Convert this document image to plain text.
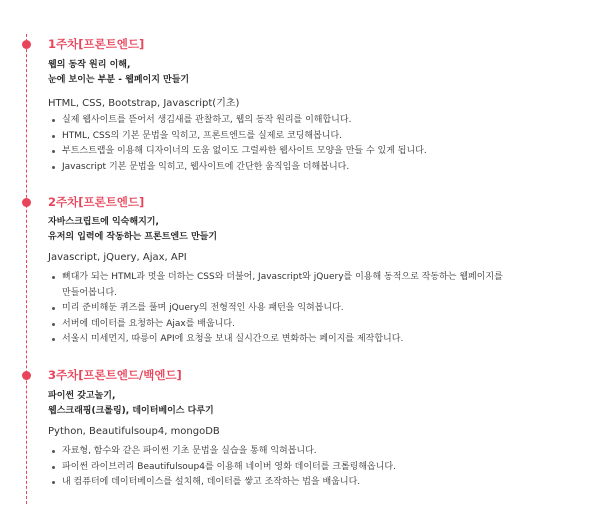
1주차[프론트엔드]
웹의 동작 원리 이해,
눈에 보이는 부분 - 웹페이지 만들기
HTML, CSS, Bootstrap, Javascript(기초)
실제 웹사이트를 뜯어서 생김새를 관찰하고, 웹의 동작 원리를 이해합니다.
HTML, CSS의 기본 문법을 익히고, 프론트엔드를 실제로 코딩해봅니다.
부트스트랩을 이용해 디자이너의 도움 없이도 그럴싸한 웹사이트 모양을 만들 수 있게 됩니다.
Javascript 기본 문법을 익히고, 웹사이트에 간단한 움직임을 더해봅니다.
2주차[프론트엔드]
자바스크립트에 익숙해지기,
유저의 입력에 작동하는 프론트엔드 만들기
Javascript, jQuery, Ajax, API
뼈대가 되는 HTML과 멋을 더하는 CSS와 더불어, Javascript와 jQuery를 이용해 동적으로 작동하는 웹페이지를
만들어봅니다.
미리 준비해둔 퀴즈를 풀며 jQuery의 전형적인 사용 패턴을 익혀봅니다.
서버에 데이터를 요청하는 Ajax를 배웁니다.
서울시 미세먼지, 따릉이 API에 요청을 보내 실시간으로 변화하는 페이지를 제작합니다.
3주차[프론트엔드/백엔드]
파이썬 갖고놀기,
웹스크래핑(크롤링), 데이터베이스 다루기
Python, Beautifulsoup4, mongoDB
자료형, 함수와 같은 파이썬 기초 문법을 실습을 통해 익혀봅니다.
파이썬 라이브러리 Beautifulsoup4를 이용해 네이버 영화 데이터를 크롤링해옵니다.
내 컴퓨터에 데이터베이스를 설치해, 데이터를 쌓고 조작하는 법을 배웁니다.
